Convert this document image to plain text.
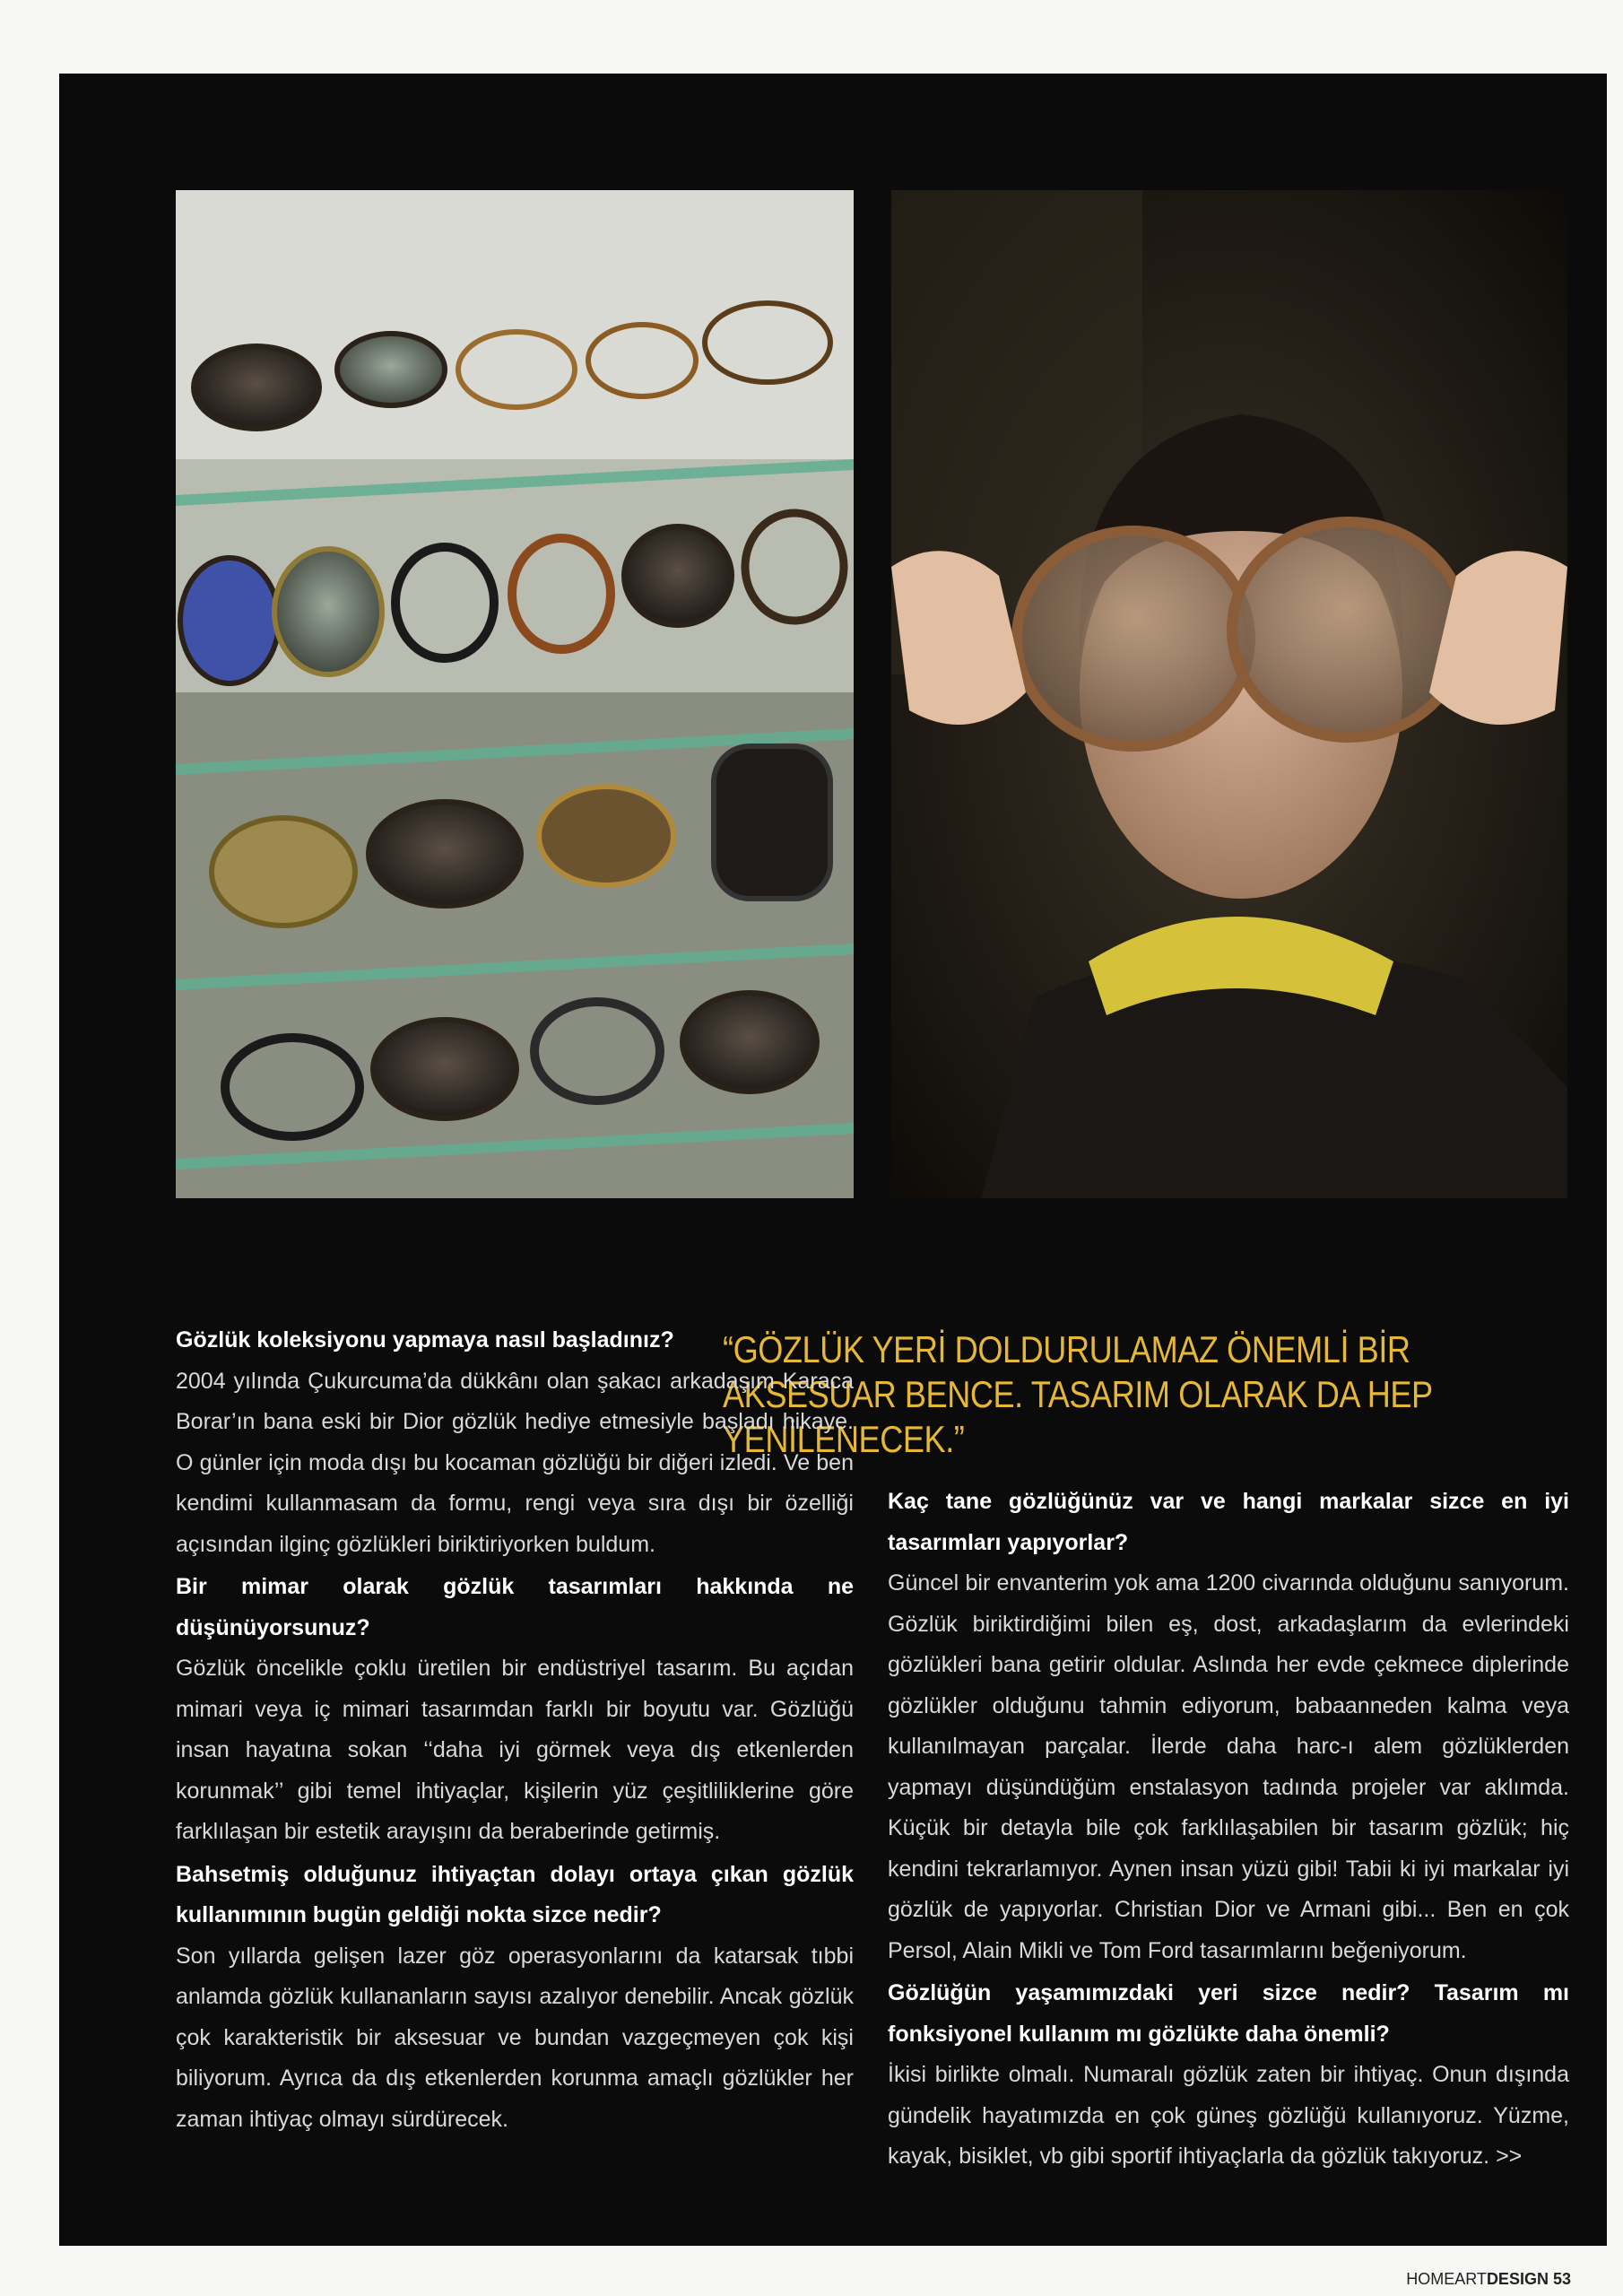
“GÖZLÜK YERİ DOLDURULAMAZ ÖNEMLİ BİR AKSESUAR BENCE. TASARIM OLARAK DA HEP YENİLENECEK.”

Gözlük koleksiyonu yapmaya nasıl başladınız?

2004 yılında Çukurcuma’da dükkânı olan şakacı arkadaşım Karaca Borar’ın bana eski bir Dior gözlük hediye etmesiyle başladı hikaye. O günler için moda dışı bu kocaman gözlüğü bir diğeri izledi. Ve ben kendimi kullanmasam da formu, rengi veya sıra dışı bir özelliği açısından ilginç gözlükleri biriktiriyorken buldum.

Bir mimar olarak gözlük tasarımları hakkında ne düşünüyorsunuz?

Gözlük öncelikle çoklu üretilen bir endüstriyel tasarım. Bu açıdan mimari veya iç mimari tasarımdan farklı bir boyutu var. Gözlüğü insan hayatına sokan ‘‘daha iyi görmek veya dış etkenlerden korunmak’’ gibi temel ihtiyaçlar, kişilerin yüz çeşitliliklerine göre farklılaşan bir estetik arayışını da beraberinde getirmiş.

Bahsetmiş olduğunuz ihtiyaçtan dolayı ortaya çıkan gözlük kullanımının bugün geldiği nokta sizce nedir?

Son yıllarda gelişen lazer göz operasyonlarını da katarsak tıbbi anlamda gözlük kullananların sayısı azalıyor denebilir. Ancak gözlük çok karakteristik bir aksesuar ve bundan vazgeçmeyen çok kişi biliyorum. Ayrıca da dış etkenlerden korunma amaçlı gözlükler her zaman ihtiyaç olmayı sürdürecek.

Kaç tane gözlüğünüz var ve hangi markalar sizce en iyi tasarımları yapıyorlar?

Güncel bir envanterim yok ama 1200 civarında olduğunu sanıyorum. Gözlük biriktirdiğimi bilen eş, dost, arkadaşlarım da evlerindeki gözlükleri bana getirir oldular. Aslında her evde çekmece diplerinde gözlükler olduğunu tahmin ediyorum, babaanneden kalma veya kullanılmayan parçalar. İlerde daha harc-ı alem gözlüklerden yapmayı düşündüğüm enstalasyon tadında projeler var aklımda. Küçük bir detayla bile çok farklılaşabilen bir tasarım gözlük; hiç kendini tekrarlamıyor. Aynen insan yüzü gibi! Tabii ki iyi markalar iyi gözlük de yapıyorlar. Christian Dior ve Armani gibi... Ben en çok Persol, Alain Mikli ve Tom Ford tasarımlarını beğeniyorum.

Gözlüğün yaşamımızdaki yeri sizce nedir? Tasarım mı fonksiyonel kullanım mı gözlükte daha önemli?

İkisi birlikte olmalı. Numaralı gözlük zaten bir ihtiyaç. Onun dışında gündelik hayatımızda en çok güneş gözlüğü kullanıyoruz. Yüzme, kayak, bisiklet, vb gibi sportif ihtiyaçlarla da gözlük takıyoruz. >>

HOMEARTDESIGN 53
